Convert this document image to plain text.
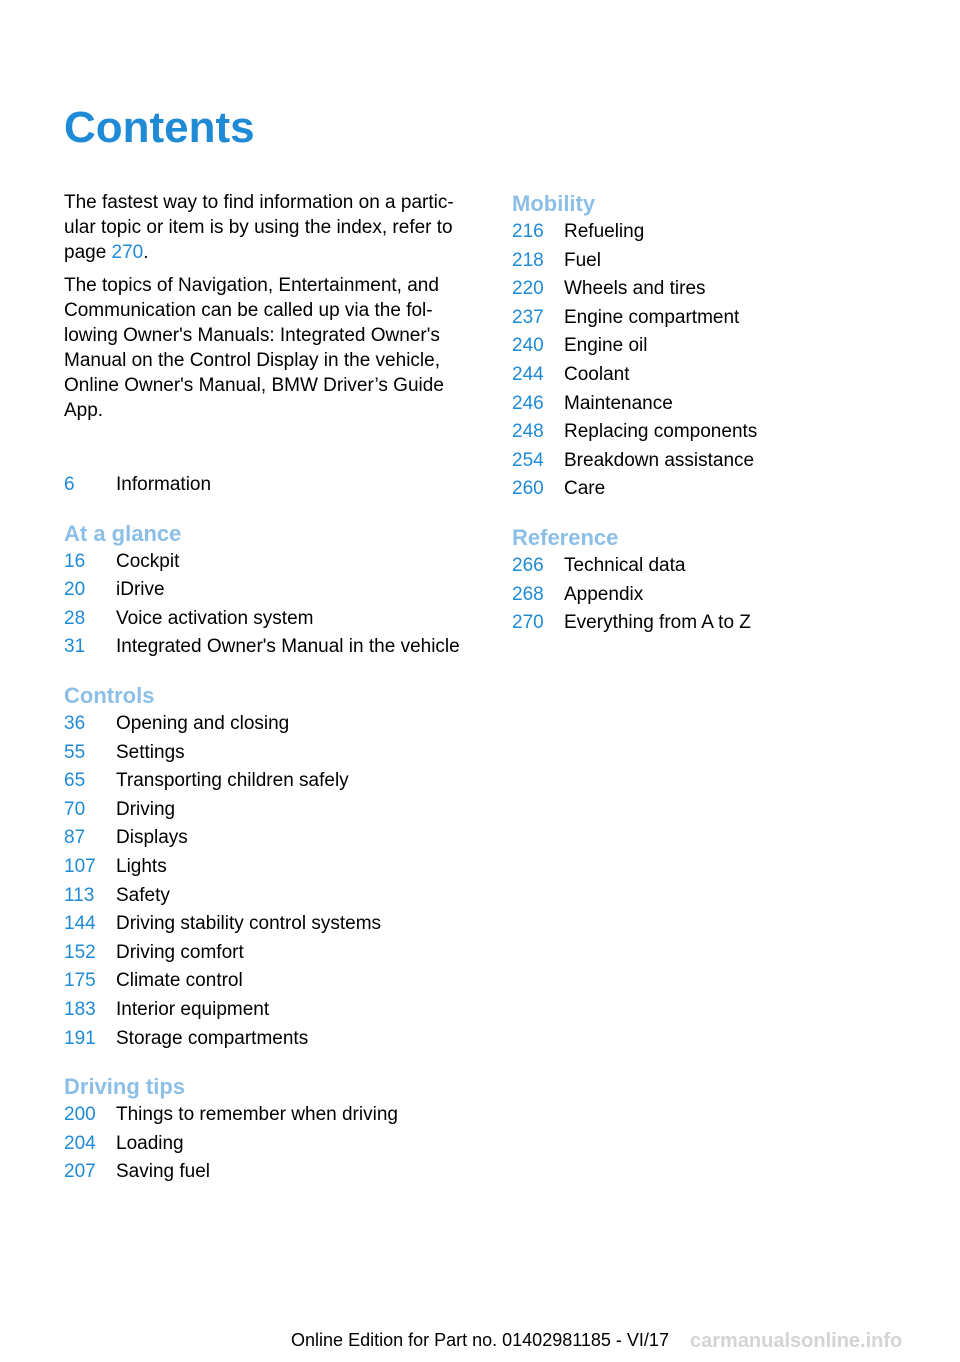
Contents

The fastest way to find information on a partic-ular topic or item is by using the index, refer to page 270.

The topics of Navigation, Entertainment, and Communication can be called up via the fol-lowing Owner's Manuals: Integrated Owner's Manual on the Control Display in the vehicle, Online Owner's Manual, BMW Driver’s Guide App.

6	Information
At a glance
16	Cockpit
20	iDrive
28	Voice activation system
31	Integrated Owner's Manual in the vehicle
Controls
36	Opening and closing
55	Settings
65	Transporting children safely
70	Driving
87	Displays
107	Lights
113	Safety
144	Driving stability control systems
152	Driving comfort
175	Climate control
183	Interior equipment
191	Storage compartments
Driving tips
200	Things to remember when driving
204	Loading
207	Saving fuel
Mobility
216	Refueling
218	Fuel
220	Wheels and tires
237	Engine compartment
240	Engine oil
244	Coolant
246	Maintenance
248	Replacing components
254	Breakdown assistance
260	Care
Reference
266	Technical data
268	Appendix
270	Everything from A to Z
Online Edition for Part no. 01402981185 - VI/17	carmanualsonline.info
